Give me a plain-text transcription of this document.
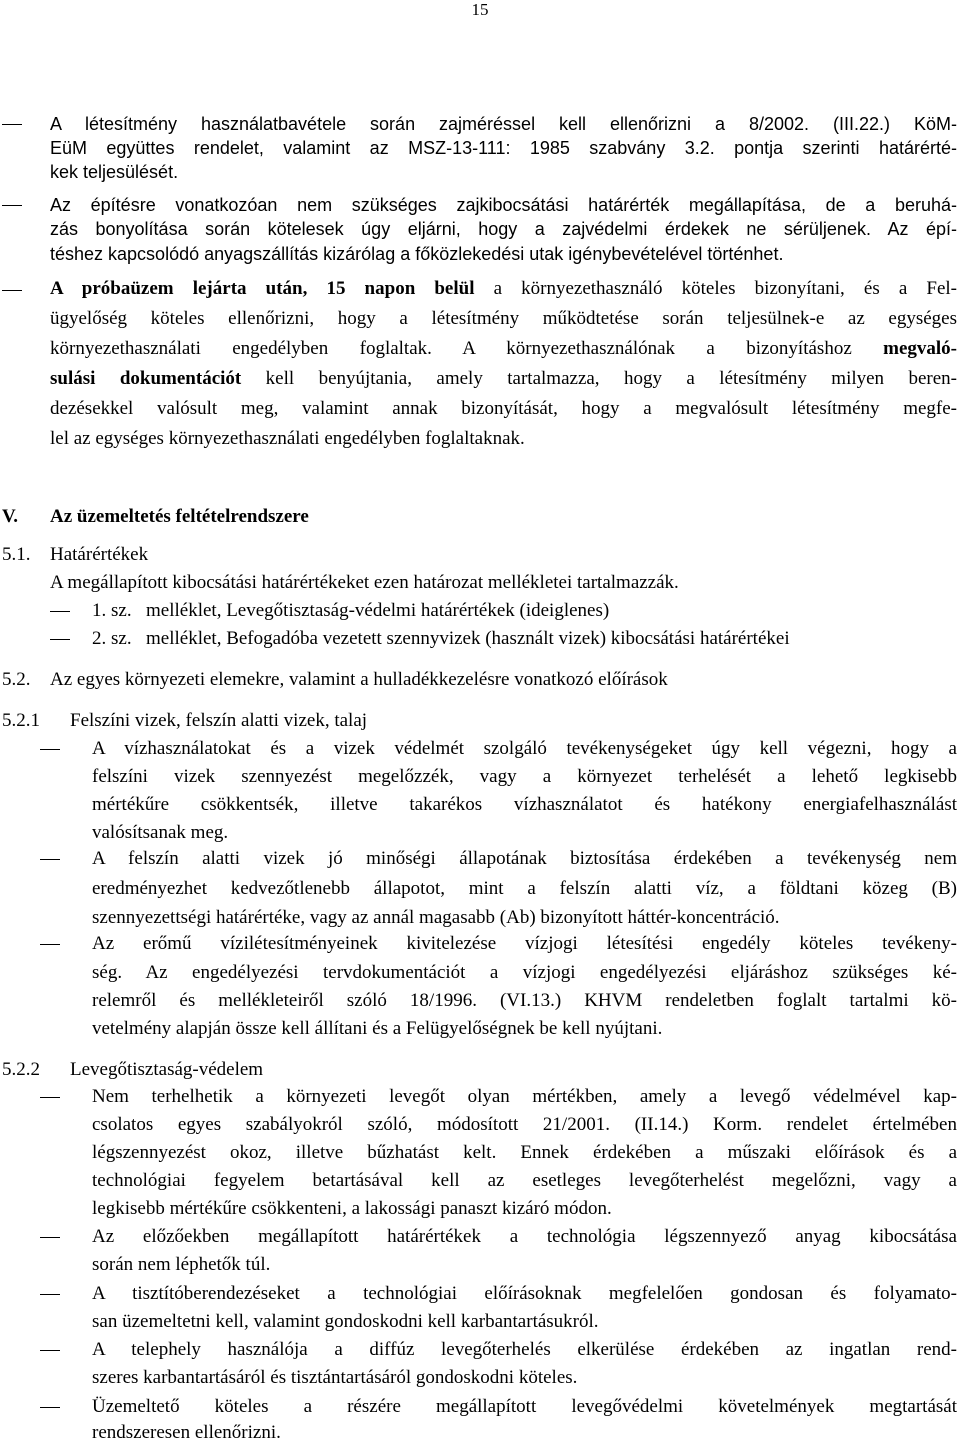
15
A létesítmény használatbavétele során zajméréssel kell ellenőrizni a 8/2002. (III.22.) KöM-
EüM együttes rendelet, valamint az MSZ-13-111: 1985 szabvány 3.2. pontja szerinti határérté-
kek teljesülését.
Az építésre vonatkozóan nem szükséges zajkibocsátási határérték megállapítása, de a beruhá-
zás bonyolítása során kötelesek úgy eljárni, hogy a zajvédelmi érdekek ne sérüljenek. Az épí-
téshez kapcsolódó anyagszállítás kizárólag a főközlekedési utak igénybevételével történhet.
A próbaüzem lejárta után, 15 napon belül a környezethasználó köteles bizonyítani, és a Fel-
ügyelőség köteles ellenőrizni, hogy a létesítmény működtetése során teljesülnek-e az egységes
környezethasználati engedélyben foglaltak. A környezethasználónak a bizonyításhoz megvaló-
sulási dokumentációt kell benyújtania, amely tartalmazza, hogy a létesítmény milyen beren-
dezésekkel valósult meg, valamint annak bizonyítását, hogy a megvalósult létesítmény megfe-
lel az egységes környezethasználati engedélyben foglaltaknak.
V. Az üzemeltetés feltételrendszere
5.1. Határértékek
A megállapított kibocsátási határértékeket ezen határozat mellékletei tartalmazzák.
1. sz. melléklet, Levegőtisztaság-védelmi határértékek (ideiglenes)
2. sz. melléklet, Befogadóba vezetett szennyvizek (használt vizek) kibocsátási határértékei
5.2. Az egyes környezeti elemekre, valamint a hulladékkezelésre vonatkozó előírások
5.2.1 Felszíni vizek, felszín alatti vizek, talaj
A vízhasználatokat és a vizek védelmét szolgáló tevékenységeket úgy kell végezni, hogy a
felszíni vizek szennyezést megelőzzék, vagy a környezet terhelését a lehető legkisebb
mértékűre csökkentsék, illetve takarékos vízhasználatot és hatékony energiafelhasználást
valósítsanak meg.
A felszín alatti vizek jó minőségi állapotának biztosítása érdekében a tevékenység nem
eredményezhet kedvezőtlenebb állapotot, mint a felszín alatti víz, a földtani közeg (B)
szennyezettségi határértéke, vagy az annál magasabb (Ab) bizonyított háttér-koncentráció.
Az erőmű vízilétesítményeinek kivitelezése vízjogi létesítési engedély köteles tevékeny-
ség. Az engedélyezési tervdokumentációt a vízjogi engedélyezési eljáráshoz szükséges ké-
relemről és mellékleteiről szóló 18/1996. (VI.13.) KHVM rendeletben foglalt tartalmi kö-
vetelmény alapján össze kell állítani és a Felügyelőségnek be kell nyújtani.
5.2.2 Levegőtisztaság-védelem
Nem terhelhetik a környezeti levegőt olyan mértékben, amely a levegő védelmével kap-
csolatos egyes szabályokról szóló, módosított 21/2001. (II.14.) Korm. rendelet értelmében
légszennyezést okoz, illetve bűzhatást kelt. Ennek érdekében a műszaki előírások és a
technológiai fegyelem betartásával kell az esetleges levegőterhelést megelőzni, vagy a
legkisebb mértékűre csökkenteni, a lakossági panaszt kizáró módon.
Az előzőekben megállapított határértékek a technológia légszennyező anyag kibocsátása
során nem léphetők túl.
A tisztítóberendezéseket a technológiai előírásoknak megfelelően gondosan és folyamato-
san üzemeltetni kell, valamint gondoskodni kell karbantartásukról.
A telephely használója a diffúz levegőterhelés elkerülése érdekében az ingatlan rend-
szeres karbantartásáról és tisztántartásáról gondoskodni köteles.
Üzemeltető köteles a részére megállapított levegővédelmi követelmények megtartását
rendszeresen ellenőrizni.
